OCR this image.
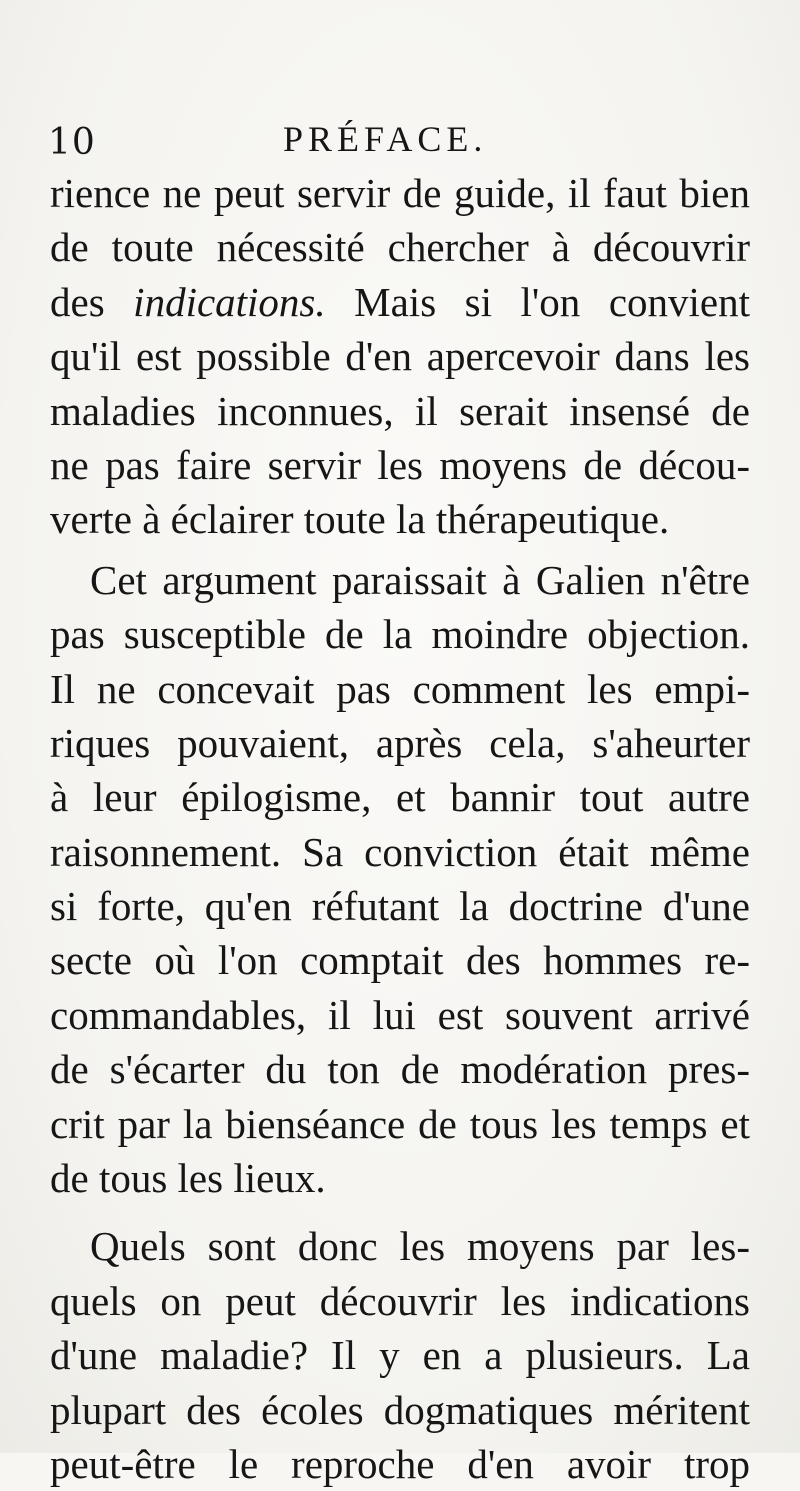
10	PRÉFACE.
rience ne peut servir de guide, il faut bien
de toute nécessité chercher à découvrir
des indications. Mais si l'on convient
qu'il est possible d'en apercevoir dans les
maladies inconnues, il serait insensé de
ne pas faire servir les moyens de décou-
verte à éclairer toute la thérapeutique.
Cet argument paraissait à Galien n'être
pas susceptible de la moindre objection.
Il ne concevait pas comment les empi-
riques pouvaient, après cela, s'aheurter
à leur épilogisme, et bannir tout autre
raisonnement. Sa conviction était même
si forte, qu'en réfutant la doctrine d'une
secte où l'on comptait des hommes re-
commandables, il lui est souvent arrivé
de s'écarter du ton de modération pres-
crit par la bienséance de tous les temps et
de tous les lieux.
Quels sont donc les moyens par les-
quels on peut découvrir les indications
d'une maladie? Il y en a plusieurs. La
plupart des écoles dogmatiques méritent
peut-être le reproche d'en avoir trop
